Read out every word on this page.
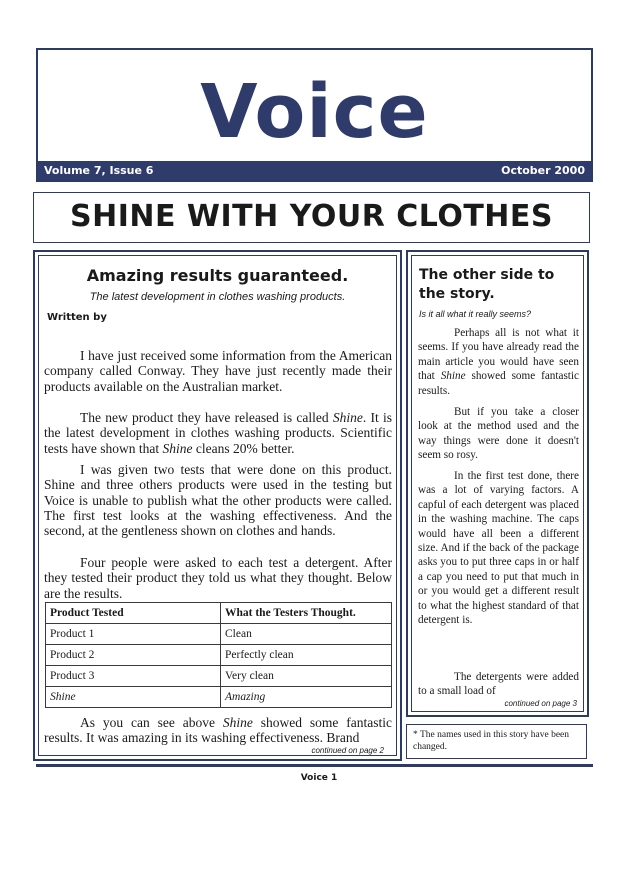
Voice
Volume 7, Issue 6	October 2000
SHINE WITH YOUR CLOTHES
Amazing results guaranteed.
The latest development in clothes washing products.
Written by

I have just received some information from the American company called Conway. They have just recently made their products available on the Australian market.

The new product they have released is called Shine. It is the latest development in clothes washing products. Scientific tests have shown that Shine cleans 20% better.

I was given two tests that were done on this product. Shine and three others products were used in the testing but Voice is unable to publish what the other products were called. The first test looks at the washing effectiveness. And the second, at the gentleness shown on clothes and hands.

Four people were asked to each test a detergent. After they tested their product they told us what they thought. Below are the results.

Product Tested	What the Testers Thought.
Product 1	Clean
Product 2	Perfectly clean
Product 3	Very clean
Shine	Amazing

As you can see above Shine showed some fantastic results. It was amazing in its washing effectiveness. Brand

continued on page 2
The other side to the story.
Is it all what it really seems?

Perhaps all is not what it seems. If you have already read the main article you would have seen that Shine showed some fantastic results.

But if you take a closer look at the method used and the way things were done it doesn't seem so rosy.

In the first test done, there was a lot of varying factors. A capful of each detergent was placed in the washing machine. The caps would have all been a different size. And if the back of the package asks you to put three caps in or half a cap you need to put that much in or you would get a different result to what the highest standard of that detergent is.

The detergents were added to a small load of

continued on page 3
* The names used in this story have been changed.
Voice 1
